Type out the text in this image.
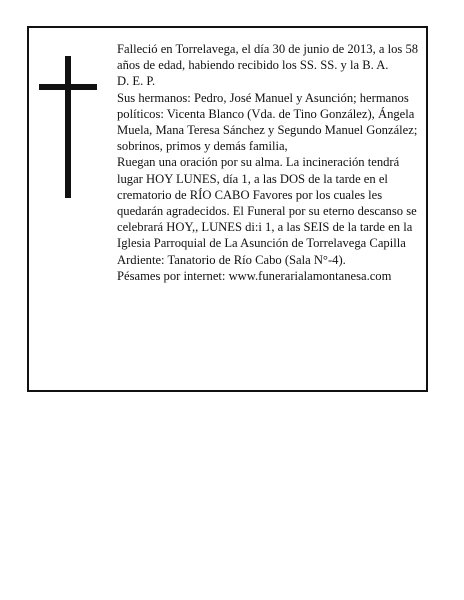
Falleció en Torrelavega, el día 30 de junio de 2013, a los 58 años de edad, habiendo recibido los SS. SS. y la B. A.

D. E. P.

Sus hermanos: Pedro, José Manuel y Asunción; hermanos políticos: Vicenta Blanco (Vda. de Tino González), Ángela Muela, Mana Teresa Sánchez y Segundo Manuel González; sobrinos, primos y demás familia,

Ruegan una oración por su alma. La incineración tendrá lugar HOY LUNES, día 1, a las DOS de la tarde en el crematorio de RÍO CABO Favores por los cuales les quedarán agradecidos. El Funeral por su eterno descanso se celebrará HOY,, LUNES di:i 1, a las SEIS de la tarde en la Iglesia Parroquial de La Asunción de Torrelavega Capilla Ardiente: Tanatorio de Río Cabo (Sala N°-4).

Pésames por internet: www.funerarialamontanesa.com
